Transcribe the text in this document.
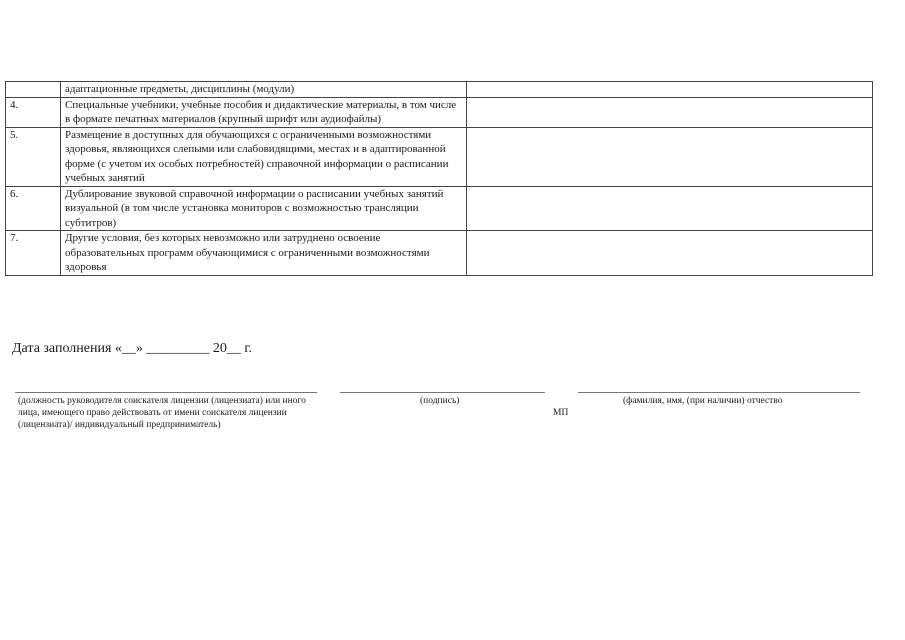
	адаптационные предметы, дисциплины (модули)	
4.	Специальные учебники, учебные пособия и дидактические материалы, в том числе в формате печатных материалов (крупный шрифт или аудиофайлы)	
5.	Размещение в доступных для обучающихся с ограниченными возможностями здоровья, являющихся слепыми или слабовидящими, местах и в адаптированной форме (с учетом их особых потребностей) справочной информации о расписании учебных занятий	
6.	Дублирование звуковой справочной информации о расписании учебных занятий визуальной (в том числе установка мониторов с возможностью трансляции субтитров)	
7.	Другие условия, без которых невозможно или затруднено освоение образовательных программ обучающимися с ограниченными возможностями здоровья	
Дата заполнения «__» _________ 20__ г.
(должность руководителя соискателя лицензии (лицензиата) или иного лица, имеющего право действовать от имени соискателя лицензии (лицензиата)/ индивидуальный предприниматель)
(подпись)
МП
(фамилия, имя, (при наличии) отчество
